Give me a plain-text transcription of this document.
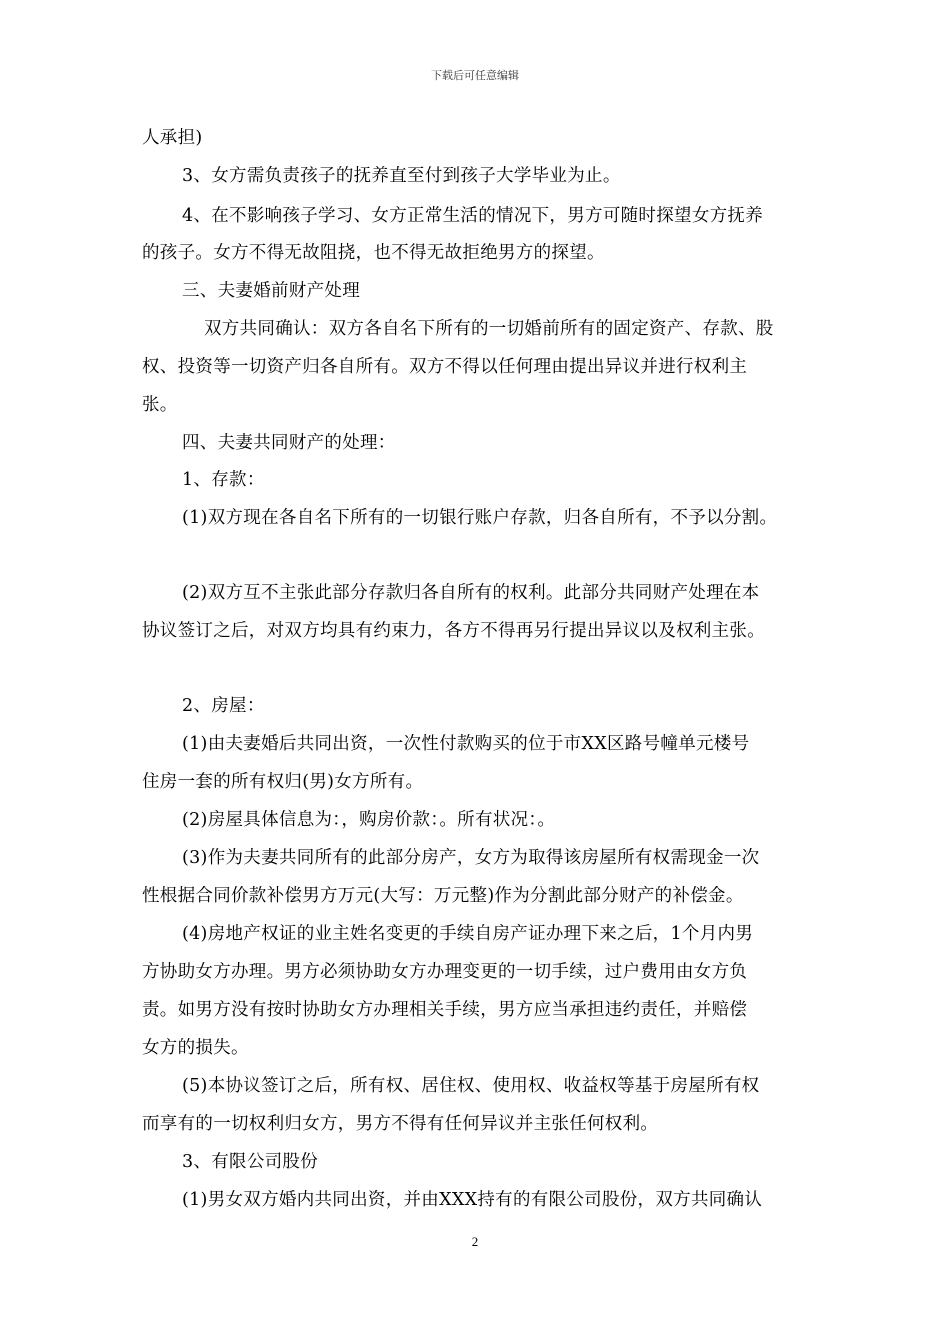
下载后可任意编辑
人承担)
3、女方需负责孩子的抚养直至付到孩子大学毕业为止。
4、在不影响孩子学习、女方正常生活的情况下，男方可随时探望女方抚养
的孩子。女方不得无故阻挠，也不得无故拒绝男方的探望。
三、夫妻婚前财产处理
双方共同确认：双方各自名下所有的一切婚前所有的固定资产、存款、股
权、投资等一切资产归各自所有。双方不得以任何理由提出异议并进行权利主
张。
四、夫妻共同财产的处理：
1、存款：
(1)双方现在各自名下所有的一切银行账户存款，归各自所有，不予以分割。
(2)双方互不主张此部分存款归各自所有的权利。此部分共同财产处理在本
协议签订之后，对双方均具有约束力，各方不得再另行提出异议以及权利主张。
2、房屋：
(1)由夫妻婚后共同出资，一次性付款购买的位于市XX区路号幢单元楼号
住房一套的所有权归(男)女方所有。
(2)房屋具体信息为：，购房价款：。所有状况：。
(3)作为夫妻共同所有的此部分房产，女方为取得该房屋所有权需现金一次
性根据合同价款补偿男方万元(大写：万元整)作为分割此部分财产的补偿金。
(4)房地产权证的业主姓名变更的手续自房产证办理下来之后，1个月内男
方协助女方办理。男方必须协助女方办理变更的一切手续，过户费用由女方负
责。如男方没有按时协助女方办理相关手续，男方应当承担违约责任，并赔偿
女方的损失。
(5)本协议签订之后，所有权、居住权、使用权、收益权等基于房屋所有权
而享有的一切权利归女方，男方不得有任何异议并主张任何权利。
3、有限公司股份
(1)男女双方婚内共同出资，并由XXX持有的有限公司股份，双方共同确认
2
